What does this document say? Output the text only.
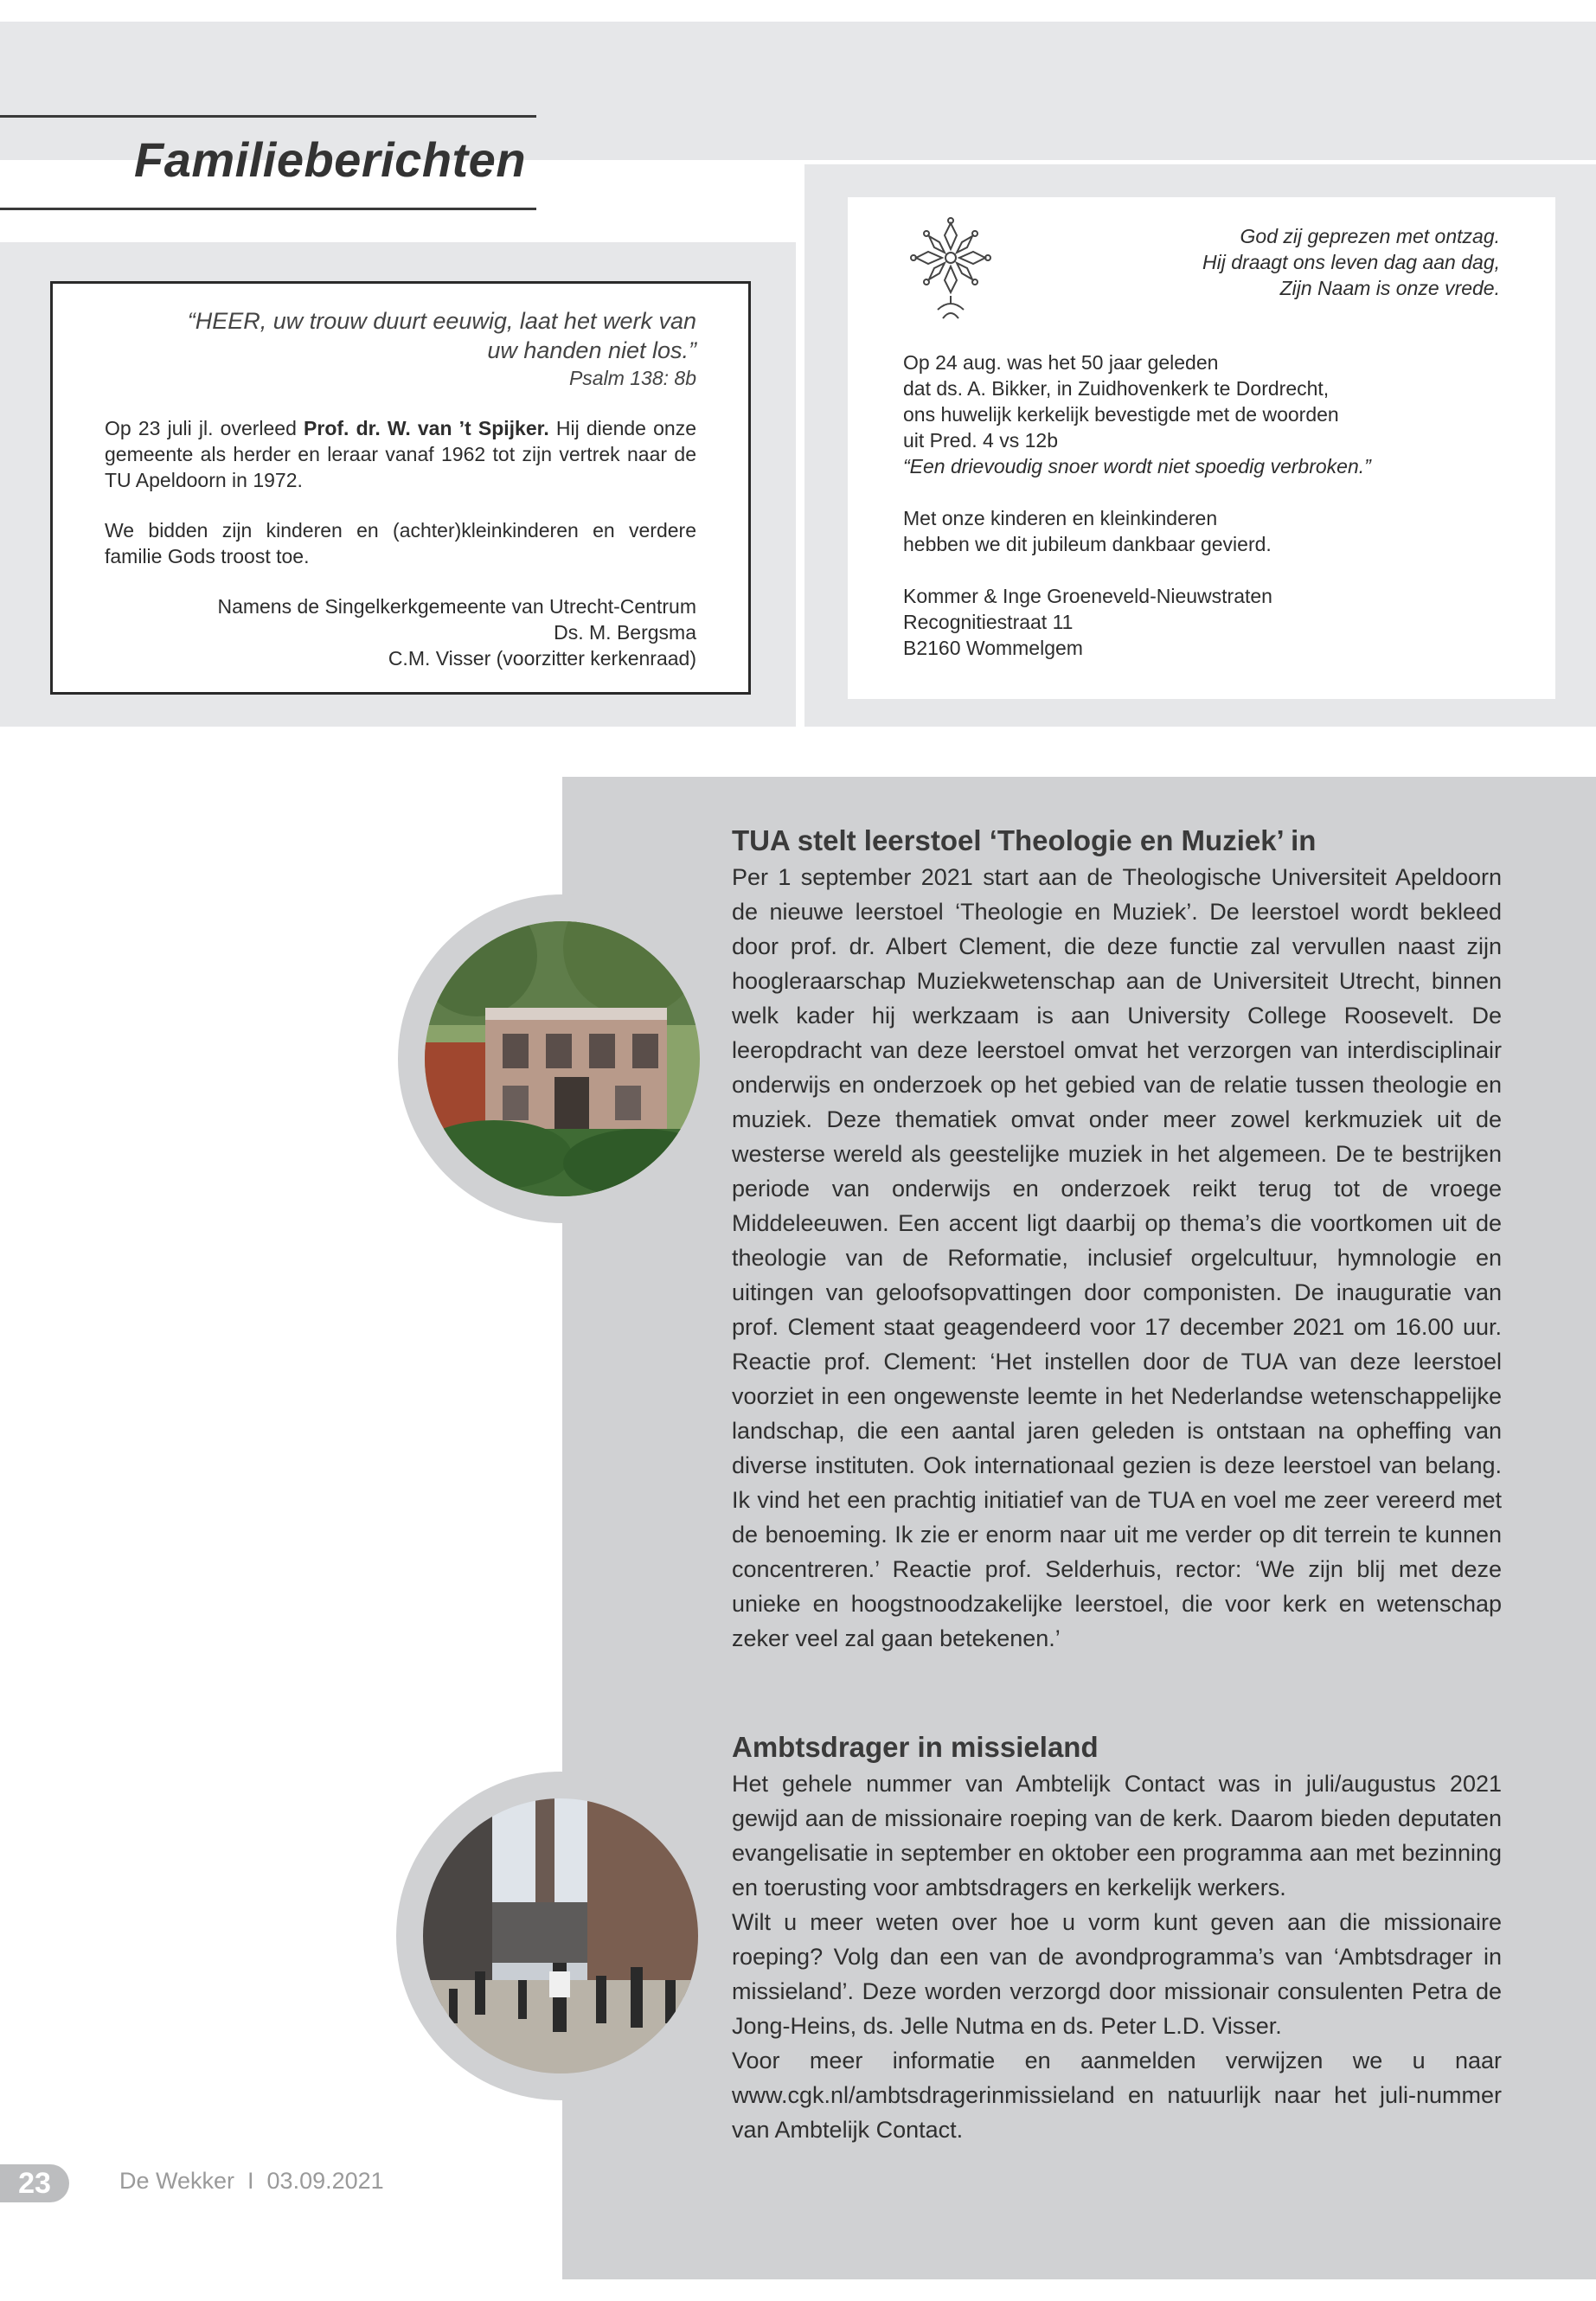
Familieberichten
“HEER, uw trouw duurt eeuwig, laat het werk van
uw handen niet los.”
Psalm 138: 8b

Op 23 juli jl. overleed Prof. dr. W. van ’t Spijker. Hij diende onze gemeente als herder en leraar vanaf 1962 tot zijn vertrek naar de TU Apeldoorn in 1972.

We bidden zijn kinderen en (achter)kleinkinderen en verdere familie Gods troost toe.

Namens de Singelkerkgemeente van Utrecht-Centrum
Ds. M. Bergsma
C.M. Visser (voorzitter kerkenraad)
God zij geprezen met ontzag.
Hij draagt ons leven dag aan dag,
Zijn Naam is onze vrede.

Op 24 aug. was het 50 jaar geleden

dat ds. A. Bikker, in Zuidhovenkerk te Dordrecht,

ons huwelijk kerkelijk bevestigde met de woorden

uit Pred. 4 vs 12b

“Een drievoudig snoer wordt niet spoedig verbroken.”

Met onze kinderen en kleinkinderen

hebben we dit jubileum dankbaar gevierd.

Kommer & Inge Groeneveld-Nieuwstraten

Recognitiestraat 11

B2160 Wommelgem

TUA stelt leerstoel ‘Theologie en Muziek’ in

Per 1 september 2021 start aan de Theologische Universiteit Apeldoorn de nieuwe leerstoel ‘Theologie en Muziek’. De leerstoel wordt bekleed door prof. dr. Albert Clement, die deze functie zal vervullen naast zijn hoogleraarschap Muziekwetenschap aan de Universiteit Utrecht, binnen welk kader hij werkzaam is aan University College Roosevelt. De leeropdracht van deze leerstoel omvat het verzorgen van interdisciplinair onderwijs en onderzoek op het gebied van de relatie tussen theologie en muziek. Deze thematiek omvat onder meer zowel kerkmuziek uit de westerse wereld als geestelijke muziek in het algemeen. De te bestrijken periode van onderwijs en onderzoek reikt terug tot de vroege Middeleeuwen. Een accent ligt daarbij op thema’s die voortkomen uit de theologie van de Reformatie, inclusief orgelcultuur, hymnologie en uitingen van geloofsopvattingen door componisten. De inauguratie van prof. Clement staat geagendeerd voor 17 december 2021 om 16.00 uur. Reactie prof. Clement: ‘Het instellen door de TUA van deze leerstoel voorziet in een ongewenste leemte in het Nederlandse wetenschappelijke landschap, die een aantal jaren geleden is ontstaan na opheffing van diverse instituten. Ook internationaal gezien is deze leerstoel van belang. Ik vind het een prachtig initiatief van de TUA en voel me zeer vereerd met de benoeming. Ik zie er enorm naar uit me verder op dit terrein te kunnen concentreren.’ Reactie prof. Selderhuis, rector: ‘We zijn blij met deze unieke en hoogstnoodzakelijke leerstoel, die voor kerk en wetenschap zeker veel zal gaan betekenen.’

Ambtsdrager in missieland

Het gehele nummer van Ambtelijk Contact was in juli/augustus 2021 gewijd aan de missionaire roeping van de kerk. Daarom bieden deputaten evangelisatie in september en oktober een programma aan met bezinning en toerusting voor ambtsdragers en kerkelijk werkers.

Wilt u meer weten over hoe u vorm kunt geven aan die missionaire roeping? Volg dan een van de avondprogramma’s van ‘Ambtsdrager in missieland’. Deze worden verzorgd door missionair consulenten Petra de Jong-Heins, ds. Jelle Nutma en ds. Peter L.D. Visser.

Voor meer informatie en aanmelden verwijzen we u naar www.cgk.nl/ambtsdragerinmissieland en natuurlijk naar het juli-nummer van Ambtelijk Contact.

23	De Wekker  I  03.09.2021
